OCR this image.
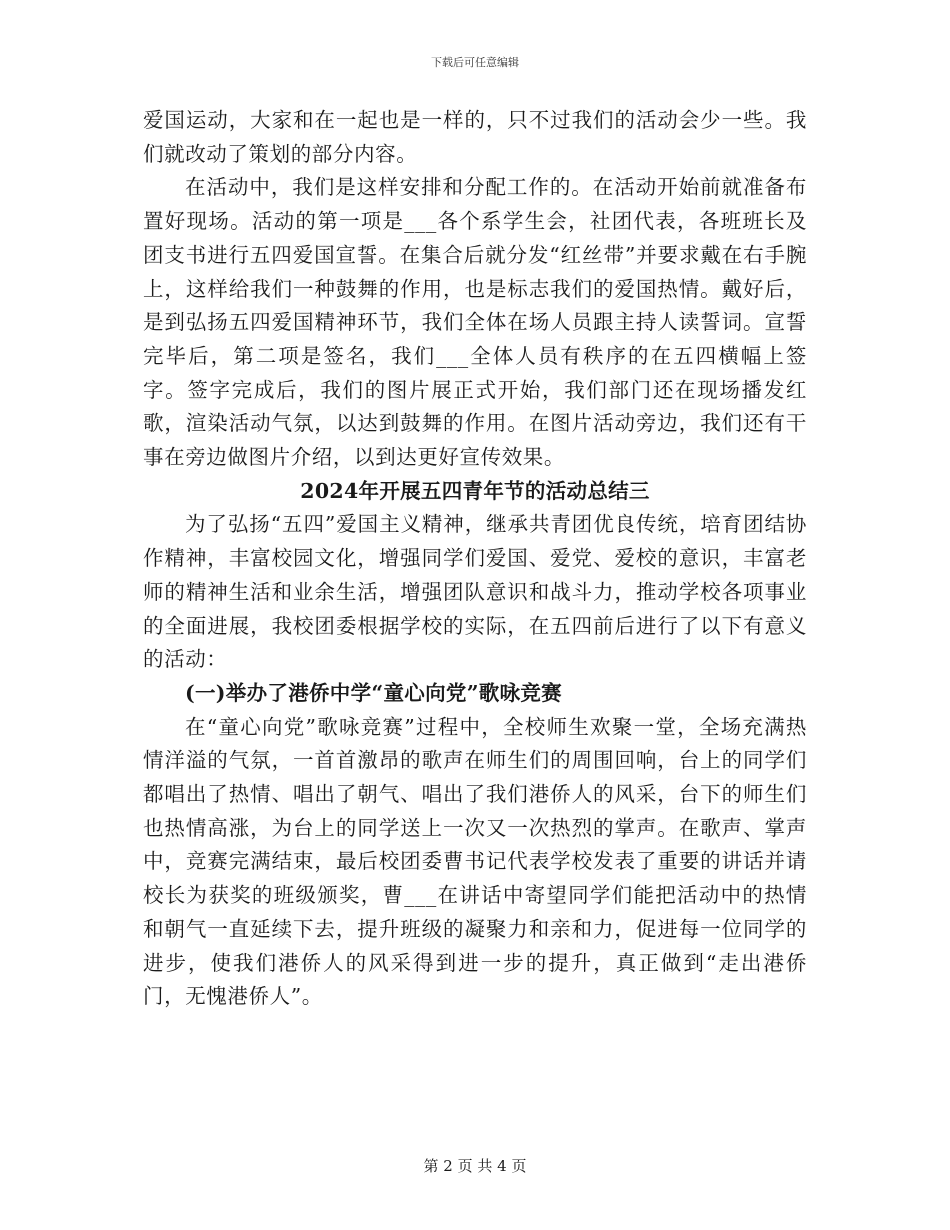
下载后可任意编辑

爱国运动，大家和在一起也是一样的，只不过我们的活动会少一些。我们就改动了策划的部分内容。

在活动中，我们是这样安排和分配工作的。在活动开始前就准备布置好现场。活动的第一项是___各个系学生会，社团代表，各班班长及团支书进行五四爱国宣誓。在集合后就分发“红丝带”并要求戴在右手腕上，这样给我们一种鼓舞的作用，也是标志我们的爱国热情。戴好后，是到弘扬五四爱国精神环节，我们全体在场人员跟主持人读誓词。宣誓完毕后，第二项是签名，我们___全体人员有秩序的在五四横幅上签字。签字完成后，我们的图片展正式开始，我们部门还在现场播发红歌，渲染活动气氛，以达到鼓舞的作用。在图片活动旁边，我们还有干事在旁边做图片介绍，以到达更好宣传效果。

2024年开展五四青年节的活动总结三

为了弘扬“五四”爱国主义精神，继承共青团优良传统，培育团结协作精神，丰富校园文化，增强同学们爱国、爱党、爱校的意识，丰富老师的精神生活和业余生活，增强团队意识和战斗力，推动学校各项事业的全面进展，我校团委根据学校的实际，在五四前后进行了以下有意义的活动：

(一)举办了港侨中学“童心向党”歌咏竞赛

在“童心向党”歌咏竞赛”过程中，全校师生欢聚一堂，全场充满热情洋溢的气氛，一首首激昂的歌声在师生们的周围回响，台上的同学们都唱出了热情、唱出了朝气、唱出了我们港侨人的风采，台下的师生们也热情高涨，为台上的同学送上一次又一次热烈的掌声。在歌声、掌声中，竞赛完满结束，最后校团委曹书记代表学校发表了重要的讲话并请校长为获奖的班级颁奖，曹___在讲话中寄望同学们能把活动中的热情和朝气一直延续下去，提升班级的凝聚力和亲和力，促进每一位同学的进步，使我们港侨人的风采得到进一步的提升，真正做到“走出港侨门，无愧港侨人”。

第 2 页 共 4 页
